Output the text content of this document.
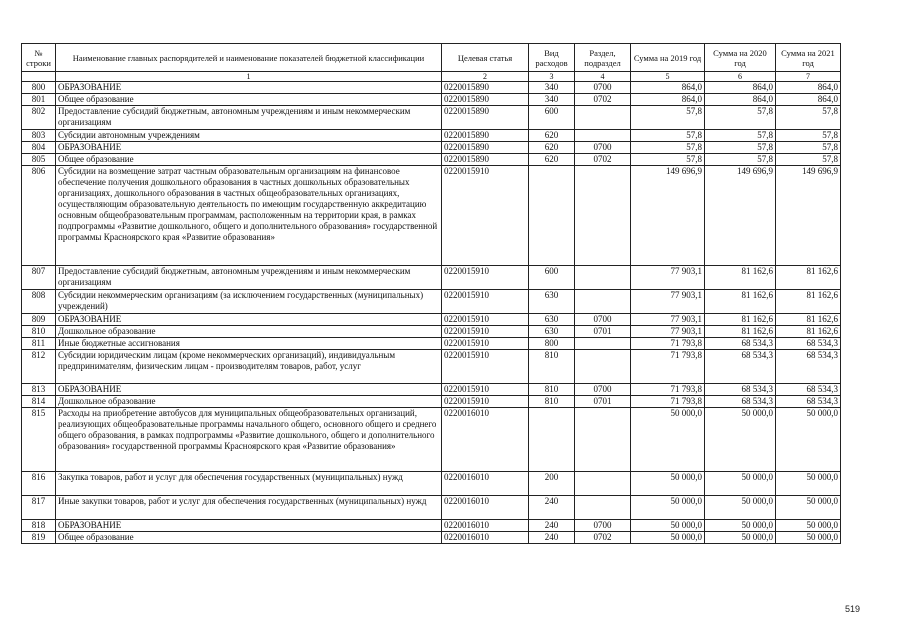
№ строки	Наименование главных распорядителей и наименование показателей бюджетной классификации	Целевая статья	Вид расходов	Раздел, подраздел	Сумма на 2019 год	Сумма на 2020 год	Сумма на 2021 год
	1	2	3	4	5	6	7
800	ОБРАЗОВАНИЕ	0220015890	340	0700	864,0	864,0	864,0
801	Общее образование	0220015890	340	0702	864,0	864,0	864,0
802	Предоставление субсидий бюджетным, автономным учреждениям и иным некоммерческим организациям	0220015890	600		57,8	57,8	57,8
803	Субсидии автономным учреждениям	0220015890	620		57,8	57,8	57,8
804	ОБРАЗОВАНИЕ	0220015890	620	0700	57,8	57,8	57,8
805	Общее образование	0220015890	620	0702	57,8	57,8	57,8
806	Субсидии на возмещение затрат частным образовательным организациям на финансовое обеспечение получения дошкольного образования в частных дошкольных образовательных организациях, дошкольного образования в частных общеобразовательных организациях, осуществляющим образовательную деятельность по имеющим государственную аккредитацию основным общеобразовательным программам, расположенным на территории края, в рамках подпрограммы «Развитие дошкольного, общего и дополнительного образования» государственной программы Красноярского края «Развитие образования»	0220015910			149 696,9	149 696,9	149 696,9
807	Предоставление субсидий бюджетным, автономным учреждениям и иным некоммерческим организациям	0220015910	600		77 903,1	81 162,6	81 162,6
808	Субсидии некоммерческим организациям (за исключением государственных (муниципальных) учреждений)	0220015910	630		77 903,1	81 162,6	81 162,6
809	ОБРАЗОВАНИЕ	0220015910	630	0700	77 903,1	81 162,6	81 162,6
810	Дошкольное образование	0220015910	630	0701	77 903,1	81 162,6	81 162,6
811	Иные бюджетные ассигнования	0220015910	800		71 793,8	68 534,3	68 534,3
812	Субсидии юридическим лицам (кроме некоммерческих организаций), индивидуальным предпринимателям, физическим лицам - производителям товаров, работ, услуг	0220015910	810		71 793,8	68 534,3	68 534,3
813	ОБРАЗОВАНИЕ	0220015910	810	0700	71 793,8	68 534,3	68 534,3
814	Дошкольное образование	0220015910	810	0701	71 793,8	68 534,3	68 534,3
815	Расходы на приобретение автобусов для муниципальных общеобразовательных организаций, реализующих общеобразовательные программы начального общего, основного общего и среднего общего образования, в рамках подпрограммы «Развитие дошкольного, общего и дополнительного образования» государственной программы Красноярского края «Развитие образования»	0220016010			50 000,0	50 000,0	50 000,0
816	Закупка товаров, работ и услуг для обеспечения государственных (муниципальных) нужд	0220016010	200		50 000,0	50 000,0	50 000,0
817	Иные закупки товаров, работ и услуг для обеспечения государственных (муниципальных) нужд	0220016010	240		50 000,0	50 000,0	50 000,0
818	ОБРАЗОВАНИЕ	0220016010	240	0700	50 000,0	50 000,0	50 000,0
819	Общее образование	0220016010	240	0702	50 000,0	50 000,0	50 000,0
519
